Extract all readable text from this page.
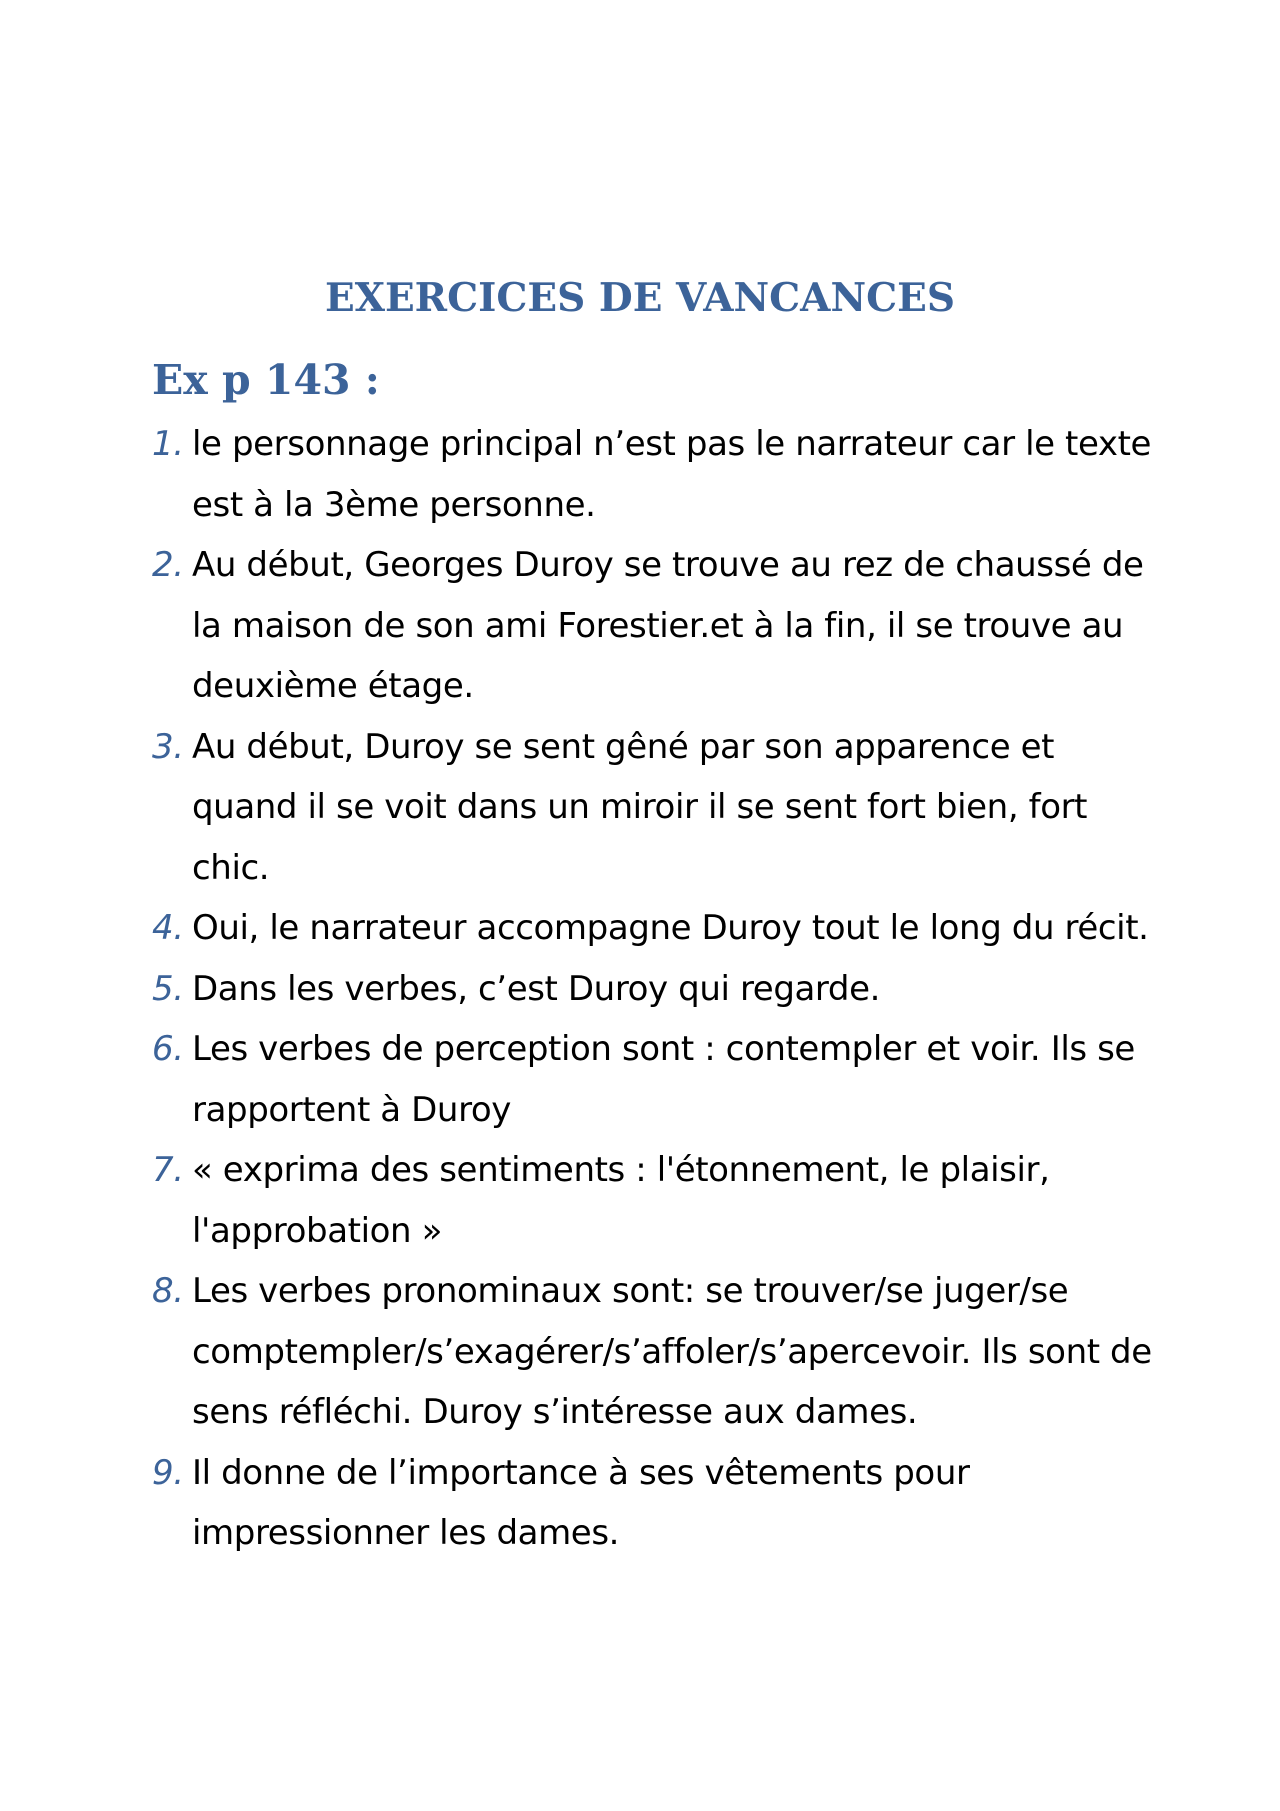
EXERCICES DE VANCANCES
Ex p 143 :
1. le personnage principal n’est pas le narrateur car le texte est à la 3ème personne.
2. Au début, Georges Duroy se trouve au rez de chaussé de la maison de son ami Forestier.et à la fin, il se trouve au deuxième étage.
3. Au début, Duroy se sent gêné par son apparence et quand il se voit dans un miroir il se sent fort bien, fort chic.
4. Oui, le narrateur accompagne Duroy tout le long du récit.
5. Dans les verbes, c’est Duroy qui regarde.
6. Les verbes de perception sont : contempler et voir. Ils se rapportent à Duroy
7. « exprima des sentiments : l'étonnement, le plaisir, l'approbation »
8. Les verbes pronominaux sont: se trouver/se juger/se comptempler/s’exagérer/s’affoler/s’apercevoir. Ils sont de sens réfléchi. Duroy s’intéresse aux dames.
9. Il donne de l’importance à ses vêtements pour impressionner les dames.
